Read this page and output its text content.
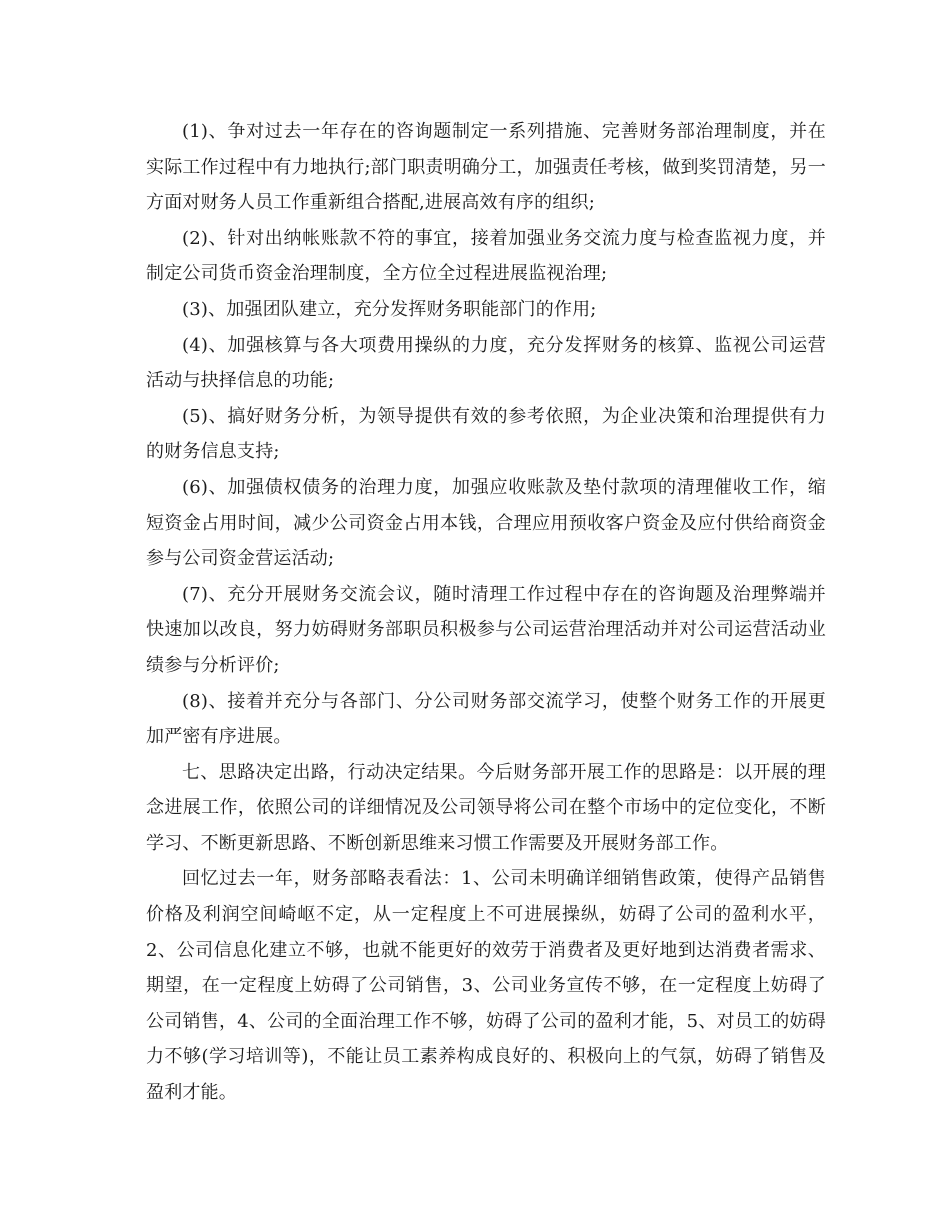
(1)、争对过去一年存在的咨询题制定一系列措施、完善财务部治理制度，并在实际工作过程中有力地执行;部门职责明确分工，加强责任考核，做到奖罚清楚，另一方面对财务人员工作重新组合搭配,进展高效有序的组织;

(2)、针对出纳帐账款不符的事宜，接着加强业务交流力度与检查监视力度，并制定公司货币资金治理制度，全方位全过程进展监视治理;

(3)、加强团队建立，充分发挥财务职能部门的作用;

(4)、加强核算与各大项费用操纵的力度，充分发挥财务的核算、监视公司运营活动与抉择信息的功能;

(5)、搞好财务分析，为领导提供有效的参考依照，为企业决策和治理提供有力的财务信息支持;

(6)、加强债权债务的治理力度，加强应收账款及垫付款项的清理催收工作，缩短资金占用时间，减少公司资金占用本钱，合理应用预收客户资金及应付供给商资金参与公司资金营运活动;

(7)、充分开展财务交流会议，随时清理工作过程中存在的咨询题及治理弊端并快速加以改良，努力妨碍财务部职员积极参与公司运营治理活动并对公司运营活动业绩参与分析评价;

(8)、接着并充分与各部门、分公司财务部交流学习，使整个财务工作的开展更加严密有序进展。

七、思路决定出路，行动决定结果。今后财务部开展工作的思路是：以开展的理念进展工作，依照公司的详细情况及公司领导将公司在整个市场中的定位变化，不断学习、不断更新思路、不断创新思维来习惯工作需要及开展财务部工作。

回忆过去一年，财务部略表看法：1、公司未明确详细销售政策，使得产品销售价格及利润空间崎岖不定，从一定程度上不可进展操纵，妨碍了公司的盈利水平，2、公司信息化建立不够，也就不能更好的效劳于消费者及更好地到达消费者需求、期望，在一定程度上妨碍了公司销售，3、公司业务宣传不够，在一定程度上妨碍了公司销售，4、公司的全面治理工作不够，妨碍了公司的盈利才能，5、对员工的妨碍力不够(学习培训等)，不能让员工素养构成良好的、积极向上的气氛，妨碍了销售及盈利才能。
